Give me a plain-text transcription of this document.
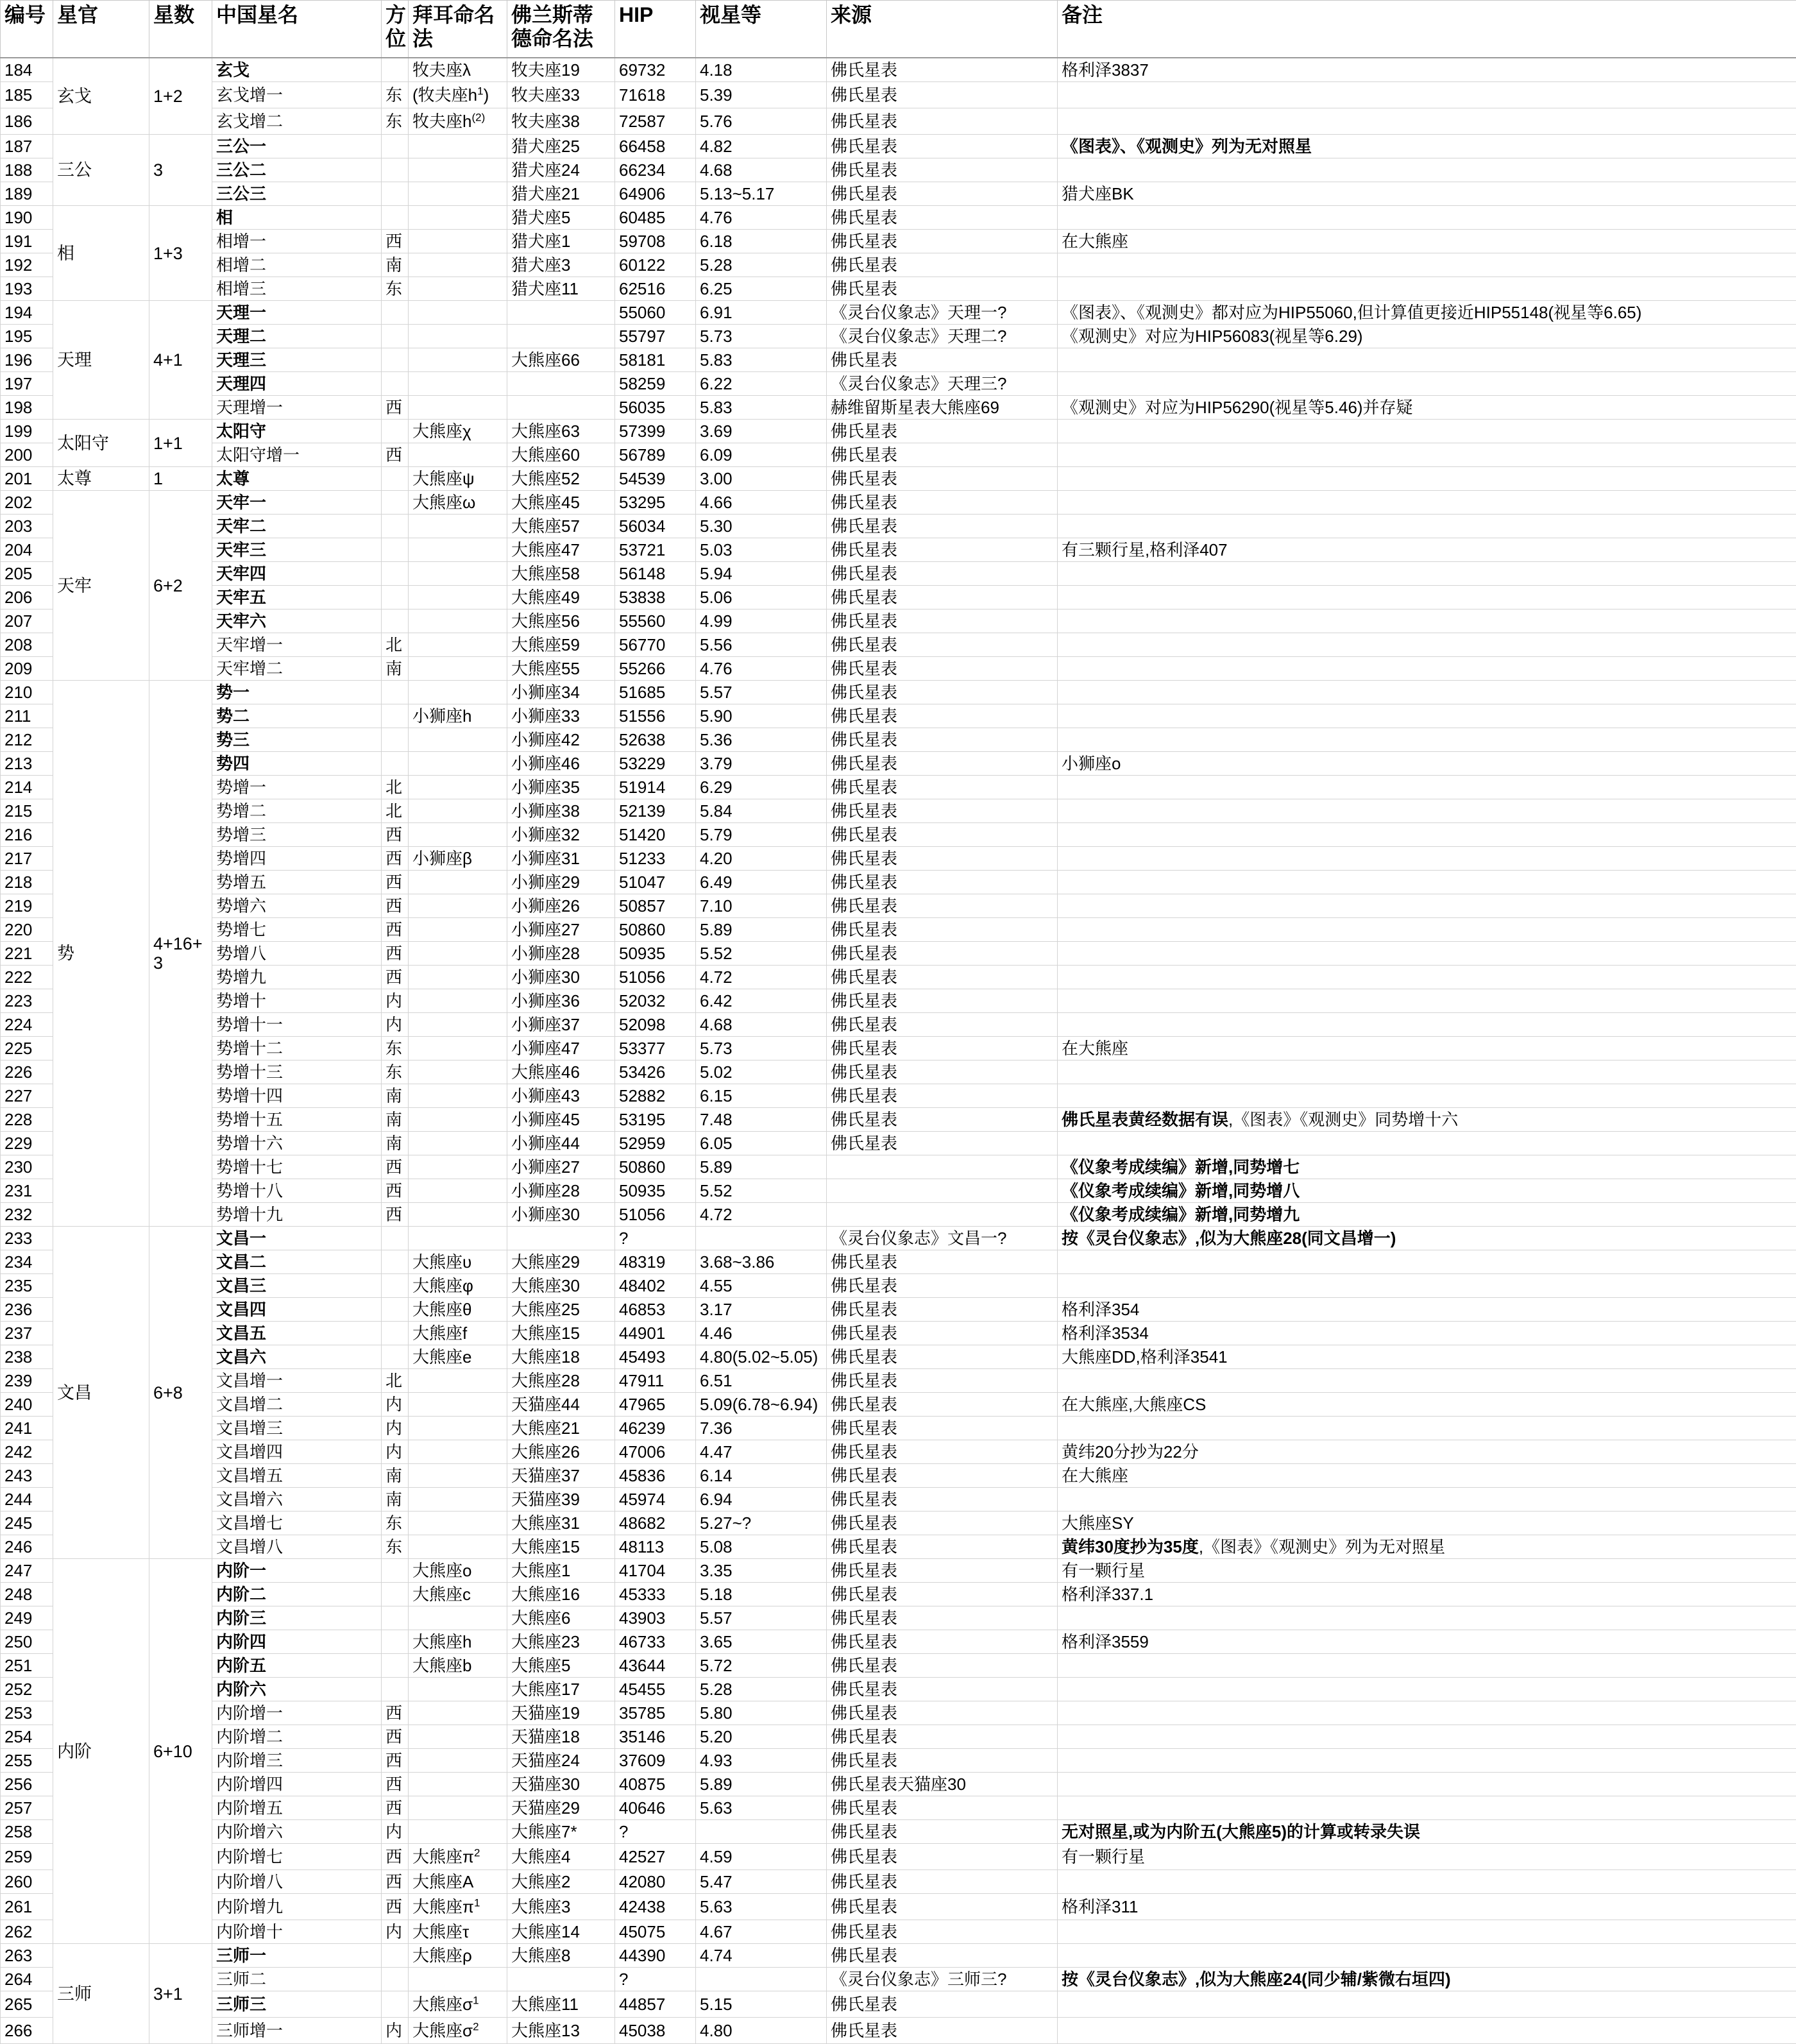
编号	星官	星数	中国星名	方位	拜耳命名法	佛兰斯蒂德命名法	HIP	视星等	来源	备注
184	玄戈	1+2	玄戈		牧夫座λ	牧夫座19	69732	4.18	佛氏星表	格利泽3837
185			玄戈增一	东	(牧夫座$h^1$)	牧夫座33	71618	5.39	佛氏星表	
186			玄戈增二	东	牧夫座$h^{(2)}$	牧夫座38	72587	5.76	佛氏星表	
187	三公	3	三公一			猎犬座25	66458	4.82	佛氏星表	《图表》、《观测史》列为无对照星
188			三公二			猎犬座24	66234	4.68	佛氏星表	
189			三公三			猎犬座21	64906	5.13~5.17	佛氏星表	猎犬座BK
190	相	1+3	相			猎犬座5	60485	4.76	佛氏星表	
191			相增一	西		猎犬座1	59708	6.18	佛氏星表	在大熊座
192			相增二	南		猎犬座3	60122	5.28	佛氏星表	
193			相增三	东		猎犬座11	62516	6.25	佛氏星表	
194	天理	4+1	天理一				55060	6.91	《灵台仪象志》天理一?	《图表》、《观测史》都对应为HIP55060,但计算值更接近HIP55148(视星等6.65)
195			天理二				55797	5.73	《灵台仪象志》天理二?	《观测史》对应为HIP56083(视星等6.29)
196			天理三			大熊座66	58181	5.83	佛氏星表	
197			天理四				58259	6.22	《灵台仪象志》天理三?	
198			天理增一	西			56035	5.83	赫维留斯星表大熊座69	《观测史》对应为HIP56290(视星等5.46)并存疑
199	太阳守	1+1	太阳守		大熊座χ	大熊座63	57399	3.69	佛氏星表	
200			太阳守增一	西		大熊座60	56789	6.09	佛氏星表	
201	太尊	1	太尊		大熊座ψ	大熊座52	54539	3.00	佛氏星表	
202	天牢	6+2	天牢一		大熊座ω	大熊座45	53295	4.66	佛氏星表	
203			天牢二			大熊座57	56034	5.30	佛氏星表	
204			天牢三			大熊座47	53721	5.03	佛氏星表	有三颗行星,格利泽407
205			天牢四			大熊座58	56148	5.94	佛氏星表	
206			天牢五			大熊座49	53838	5.06	佛氏星表	
207			天牢六			大熊座56	55560	4.99	佛氏星表	
208			天牢增一	北		大熊座59	56770	5.56	佛氏星表	
209			天牢增二	南		大熊座55	55266	4.76	佛氏星表	
210	势	4+16+3	势一			小狮座34	51685	5.57	佛氏星表	
211			势二		小狮座h	小狮座33	51556	5.90	佛氏星表	
212			势三			小狮座42	52638	5.36	佛氏星表	
213			势四			小狮座46	53229	3.79	佛氏星表	小狮座o
214			势增一	北		小狮座35	51914	6.29	佛氏星表	
215			势增二	北		小狮座38	52139	5.84	佛氏星表	
216			势增三	西		小狮座32	51420	5.79	佛氏星表	
217			势增四	西	小狮座β	小狮座31	51233	4.20	佛氏星表	
218			势增五	西		小狮座29	51047	6.49	佛氏星表	
219			势增六	西		小狮座26	50857	7.10	佛氏星表	
220			势增七	西		小狮座27	50860	5.89	佛氏星表	
221			势增八	西		小狮座28	50935	5.52	佛氏星表	
222			势增九	西		小狮座30	51056	4.72	佛氏星表	
223			势增十	内		小狮座36	52032	6.42	佛氏星表	
224			势增十一	内		小狮座37	52098	4.68	佛氏星表	
225			势增十二	东		小狮座47	53377	5.73	佛氏星表	在大熊座
226			势增十三	东		大熊座46	53426	5.02	佛氏星表	
227			势增十四	南		小狮座43	52882	6.15	佛氏星表	
228			势增十五	南		小狮座45	53195	7.48	佛氏星表	佛氏星表黄经数据有误,《图表》《观测史》同势增十六
229			势增十六	南		小狮座44	52959	6.05	佛氏星表	
230			势增十七	西		小狮座27	50860	5.89		《仪象考成续编》新增,同势增七
231			势增十八	西		小狮座28	50935	5.52		《仪象考成续编》新增,同势增八
232			势增十九	西		小狮座30	51056	4.72		《仪象考成续编》新增,同势增九
233	文昌	6+8	文昌一				?		《灵台仪象志》文昌一?	按《灵台仪象志》,似为大熊座28(同文昌增一)
234			文昌二		大熊座υ	大熊座29	48319	3.68~3.86	佛氏星表	
235			文昌三		大熊座φ	大熊座30	48402	4.55	佛氏星表	
236			文昌四		大熊座θ	大熊座25	46853	3.17	佛氏星表	格利泽354
237			文昌五		大熊座f	大熊座15	44901	4.46	佛氏星表	格利泽3534
238			文昌六		大熊座e	大熊座18	45493	4.80(5.02~5.05)	佛氏星表	大熊座DD,格利泽3541
239			文昌增一	北		大熊座28	47911	6.51	佛氏星表	
240			文昌增二	内		天猫座44	47965	5.09(6.78~6.94)	佛氏星表	在大熊座,大熊座CS
241			文昌增三	内		大熊座21	46239	7.36	佛氏星表	
242			文昌增四	内		大熊座26	47006	4.47	佛氏星表	黄纬20分抄为22分
243			文昌增五	南		天猫座37	45836	6.14	佛氏星表	在大熊座
244			文昌增六	南		天猫座39	45974	6.94	佛氏星表	
245			文昌增七	东		大熊座31	48682	5.27~?	佛氏星表	大熊座SY
246			文昌增八	东		大熊座15	48113	5.08	佛氏星表	黄纬30度抄为35度,《图表》《观测史》列为无对照星
247	内阶	6+10	内阶一		大熊座o	大熊座1	41704	3.35	佛氏星表	有一颗行星
248			内阶二		大熊座c	大熊座16	45333	5.18	佛氏星表	格利泽337.1
249			内阶三			大熊座6	43903	5.57	佛氏星表	
250			内阶四		大熊座h	大熊座23	46733	3.65	佛氏星表	格利泽3559
251			内阶五		大熊座b	大熊座5	43644	5.72	佛氏星表	
252			内阶六			大熊座17	45455	5.28	佛氏星表	
253			内阶增一	西		天猫座19	35785	5.80	佛氏星表	
254			内阶增二	西		天猫座18	35146	5.20	佛氏星表	
255			内阶增三	西		天猫座24	37609	4.93	佛氏星表	
256			内阶增四	西		天猫座30	40875	5.89	佛氏星表天猫座30	
257			内阶增五	西		天猫座29	40646	5.63	佛氏星表	
258			内阶增六	内		大熊座7*	?		佛氏星表	无对照星,或为内阶五(大熊座5)的计算或转录失误
259			内阶增七	西	大熊座$\pi^2$	大熊座4	42527	4.59	佛氏星表	有一颗行星
260			内阶增八	西	大熊座A	大熊座2	42080	5.47	佛氏星表	
261			内阶增九	西	大熊座$\pi^1$	大熊座3	42438	5.63	佛氏星表	格利泽311
262			内阶增十	内	大熊座τ	大熊座14	45075	4.67	佛氏星表	
263	三师	3+1	三师一		大熊座ρ	大熊座8	44390	4.74	佛氏星表	
264			三师二				?		《灵台仪象志》三师三?	按《灵台仪象志》,似为大熊座24(同少辅/紫微右垣四)
265			三师三		大熊座$\sigma^1$	大熊座11	44857	5.15	佛氏星表	
266			三师增一	内	大熊座$\sigma^2$	大熊座13	45038	4.80	佛氏星表	
